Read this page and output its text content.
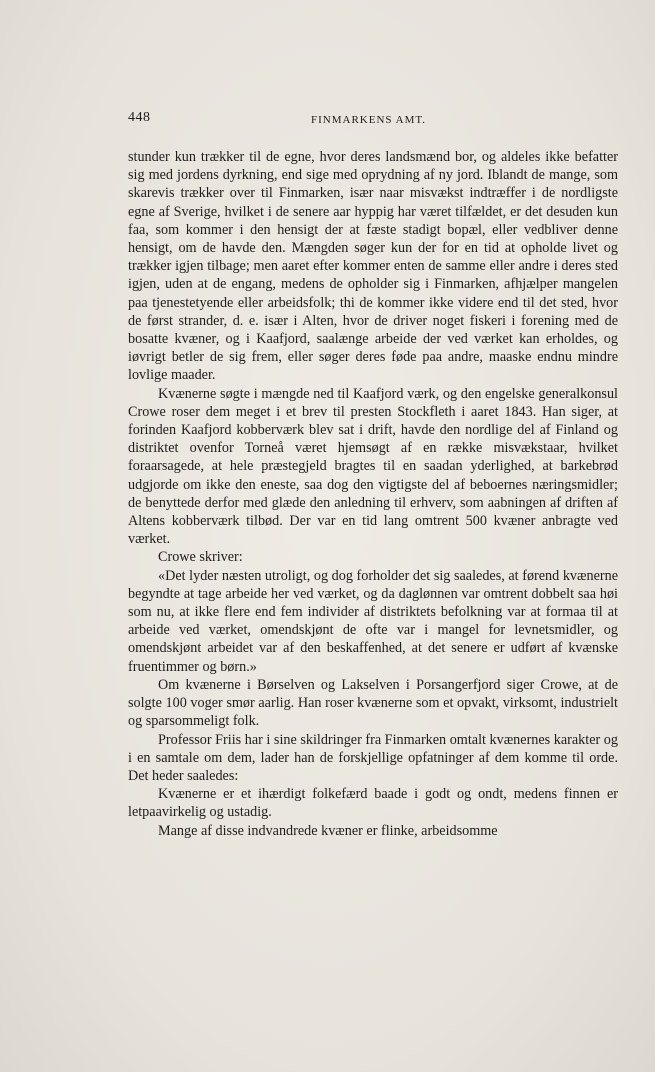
448	FINMARKENS AMT.

stunder kun trækker til de egne, hvor deres landsmænd bor, og aldeles ikke befatter sig med jordens dyrkning, end sige med oprydning af ny jord. Iblandt de mange, som skarevis trækker over til Finmarken, især naar misvækst indtræffer i de nordligste egne af Sverige, hvilket i de senere aar hyppig har været tilfældet, er det desuden kun faa, som kommer i den hensigt der at fæste stadigt bopæl, eller vedbliver denne hensigt, om de havde den. Mængden søger kun der for en tid at opholde livet og trækker igjen tilbage; men aaret efter kommer enten de samme eller andre i deres sted igjen, uden at de engang, medens de opholder sig i Finmarken, afhjælper mangelen paa tjenestetyende eller arbeidsfolk; thi de kommer ikke videre end til det sted, hvor de først strander, d. e. især i Alten, hvor de driver noget fiskeri i forening med de bosatte kvæner, og i Kaafjord, saalænge arbeide der ved værket kan erholdes, og iøvrigt betler de sig frem, eller søger deres føde paa andre, maaske endnu mindre lovlige maader.

Kvænerne søgte i mængde ned til Kaafjord værk, og den engelske generalkonsul Crowe roser dem meget i et brev til presten Stockfleth i aaret 1843. Han siger, at forinden Kaafjord kobberværk blev sat i drift, havde den nordlige del af Finland og distriktet ovenfor Torneå været hjemsøgt af en række misvækstaar, hvilket foraarsagede, at hele præstegjeld bragtes til en saadan yderlighed, at barkebrød udgjorde om ikke den eneste, saa dog den vigtigste del af beboernes næringsmidler; de benyttede derfor med glæde den anledning til erhverv, som aabningen af driften af Altens kobberværk tilbød. Der var en tid lang omtrent 500 kvæner anbragte ved værket.

Crowe skriver:

«Det lyder næsten utroligt, og dog forholder det sig saaledes, at førend kvænerne begyndte at tage arbeide her ved værket, og da daglønnen var omtrent dobbelt saa høi som nu, at ikke flere end fem individer af distriktets befolkning var at formaa til at arbeide ved værket, omendskjønt de ofte var i mangel for levnetsmidler, og omendskjønt arbeidet var af den beskaffenhed, at det senere er udført af kvænske fruentimmer og børn.»

Om kvænerne i Børselven og Lakselven i Porsangerfjord siger Crowe, at de solgte 100 voger smør aarlig. Han roser kvænerne som et opvakt, virksomt, industrielt og sparsommeligt folk.

Professor Friis har i sine skildringer fra Finmarken omtalt kvænernes karakter og i en samtale om dem, lader han de forskjellige opfatninger af dem komme til orde. Det heder saaledes:

Kvænerne er et ihærdigt folkefærd baade i godt og ondt, medens finnen er letpaavirkelig og ustadig.

Mange af disse indvandrede kvæner er flinke, arbeidsomme
